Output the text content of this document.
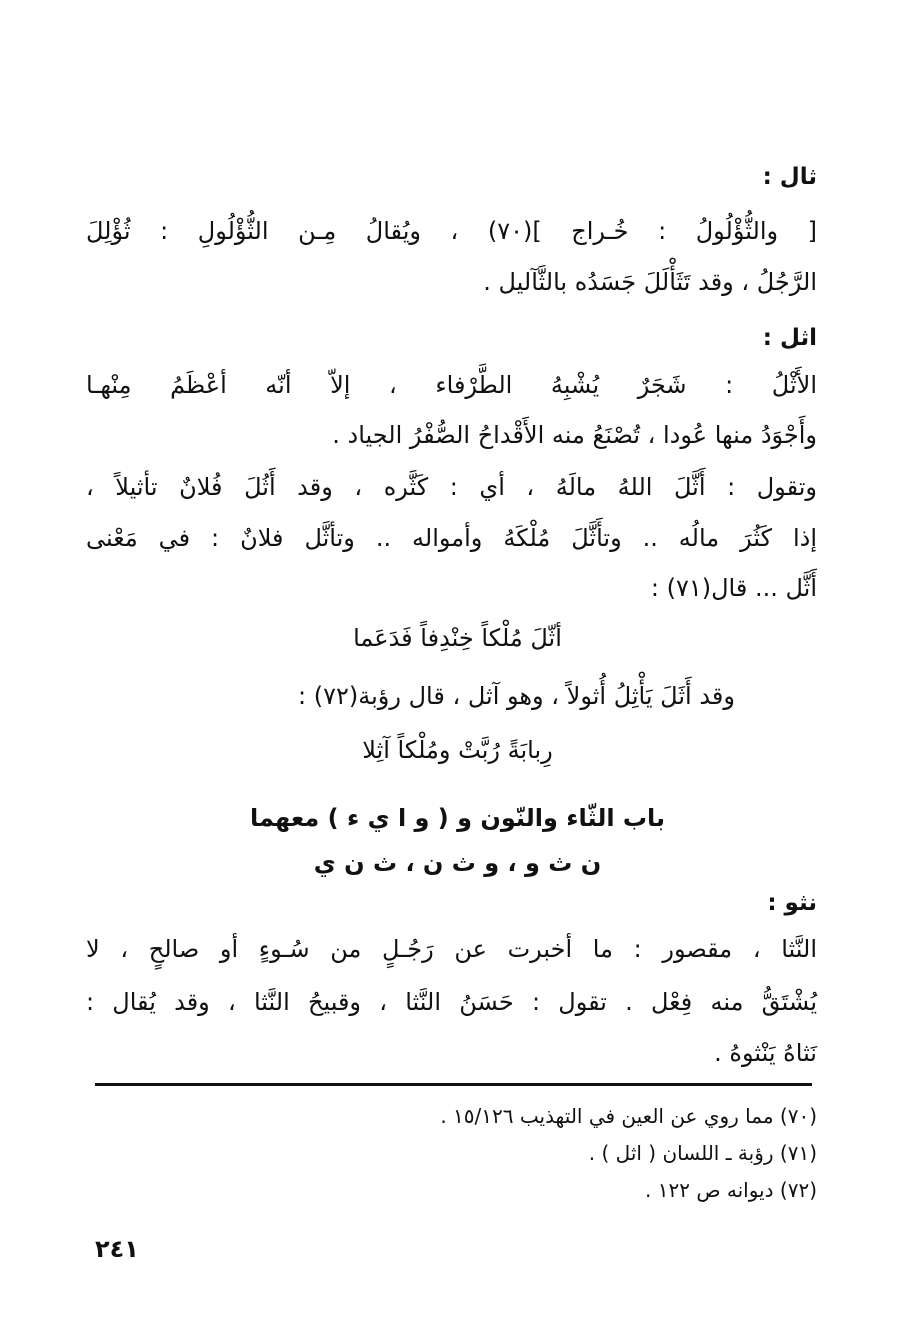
ثال :
[ والثُّؤْلُولُ : خُـراج ](٧٠) ، ويُقالُ مِـن الثُّؤْلُولِ : ثُؤْلِلَ
الرَّجُلُ ، وقد تَثَأْلَلَ جَسَدُه بالثَّآليل .
اثل :
الأَثْلُ : شَجَرٌ يُشْبِهُ الطَّرْفاء ، إلاّ أنّه أعْظَمُ مِنْهـا
وأَجْوَدُ منها عُودا ، تُصْنَعُ منه الأَقْداحُ الصُّفْرُ الجياد .
وتقول : أَثَّلَ اللهُ مالَهُ ، أي : كَثَّره ، وقد أَثُلَ فُلانٌ تأثيلاً ،
إذا كَثُرَ مالُه .. وتأَثَّلَ مُلْكَهُ وأمواله .. وتأثَّل فلانٌ : في مَعْنى
أَثَّل ... قال(٧١) :
أثّلَ مُلْكاً خِنْدِفاً فَدَعَما
وقد أَثَلَ يَأْثِلُ أُثولاً ، وهو آثل ، قال رؤبة(٧٢) :
رِبابَةً رُبَّتْ ومُلْكاً آثِلا
باب الثّاء والنّون و ( و ا ي ء ) معهما
ن ث و ، و ث ن ، ث ن ي
نثو :
النَّثا ، مقصور : ما أخبرت عن رَجُـلٍ من سُـوءٍ أو صالحٍ ، لا
يُشْتَقُّ منه فِعْل . تقول : حَسَنُ النَّثا ، وقبيحُ النَّثا ، وقد يُقال :
نَثاهُ يَنْثوهُ .
(٧٠) مما روي عن العين في التهذيب ١٥/١٢٦ .
(٧١) رؤبة ـ اللسان ( اثل ) .
(٧٢) ديوانه ص ١٢٢ .
٢٤١
